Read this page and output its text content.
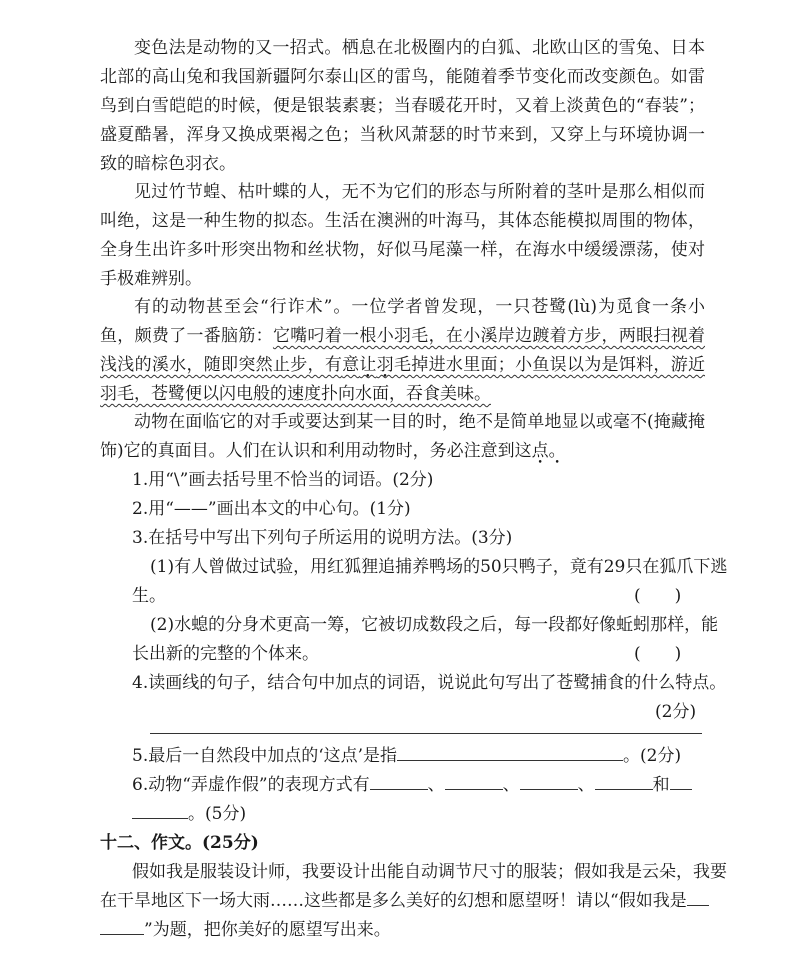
变色法是动物的又一招式。栖息在北极圈内的白狐、北欧山区的雪兔、日本北部的高山兔和我国新疆阿尔泰山区的雷鸟，能随着季节变化而改变颜色。如雷鸟到白雪皑皑的时候，便是银装素裹；当春暖花开时，又着上淡黄色的“春装”；盛夏酷暑，浑身又换成栗褐之色；当秋风萧瑟的时节来到，又穿上与环境协调一致的暗棕色羽衣。

见过竹节蝗、枯叶蝶的人，无不为它们的形态与所附着的茎叶是那么相似而叫绝，这是一种生物的拟态。生活在澳洲的叶海马，其体态能模拟周围的物体，全身生出许多叶形突出物和丝状物，好似马尾藻一样，在海水中缓缓漂荡，使对手极难辨别。

有的动物甚至会“行诈术”。一位学者曾发现，一只苍鹭(lù)为觅食一条小鱼，颇费了一番脑筋：它嘴叼着一根小羽毛，在小溪岸边踱着方步，两眼扫视着浅浅的溪水，随即突然止步，有意让羽毛掉进水里面；小鱼误以为是饵料，游近羽毛，苍鹭便以闪电般的速度扑向水面，吞食美味。

动物在面临它的对手或要达到某一目的时，绝不是简单地显以或毫不(掩藏掩饰)它的真面目。人们在认识和利用动物时，务必注意到这点。

1.用“\”画去括号里不恰当的词语。(2分)

2.用“——”画出本文的中心句。(1分)

3.在括号中写出下列句子所运用的说明方法。(3分)

(1)有人曾做过试验，用红狐狸追捕养鸭场的50只鸭子，竟有29只在狐爪下逃

生。	(　　)

(2)水螅的分身术更高一筹，它被切成数段之后，每一段都好像蚯蚓那样，能

长出新的完整的个体来。	(　　)

4.读画线的句子，结合句中加点的词语，说说此句写出了苍鹭捕食的什么特点。

(2分)

5.最后一自然段中加点的‘这点’是指	。(2分)

6.动物“弄虚作假”的表现方式有	、	、	、	和

。(5分)

十二、作文。(25分)

假如我是服装设计师，我要设计出能自动调节尺寸的服装；假如我是云朵，我要

在干旱地区下一场大雨……这些都是多么美好的幻想和愿望呀！请以“假如我是

”为题，把你美好的愿望写出来。
